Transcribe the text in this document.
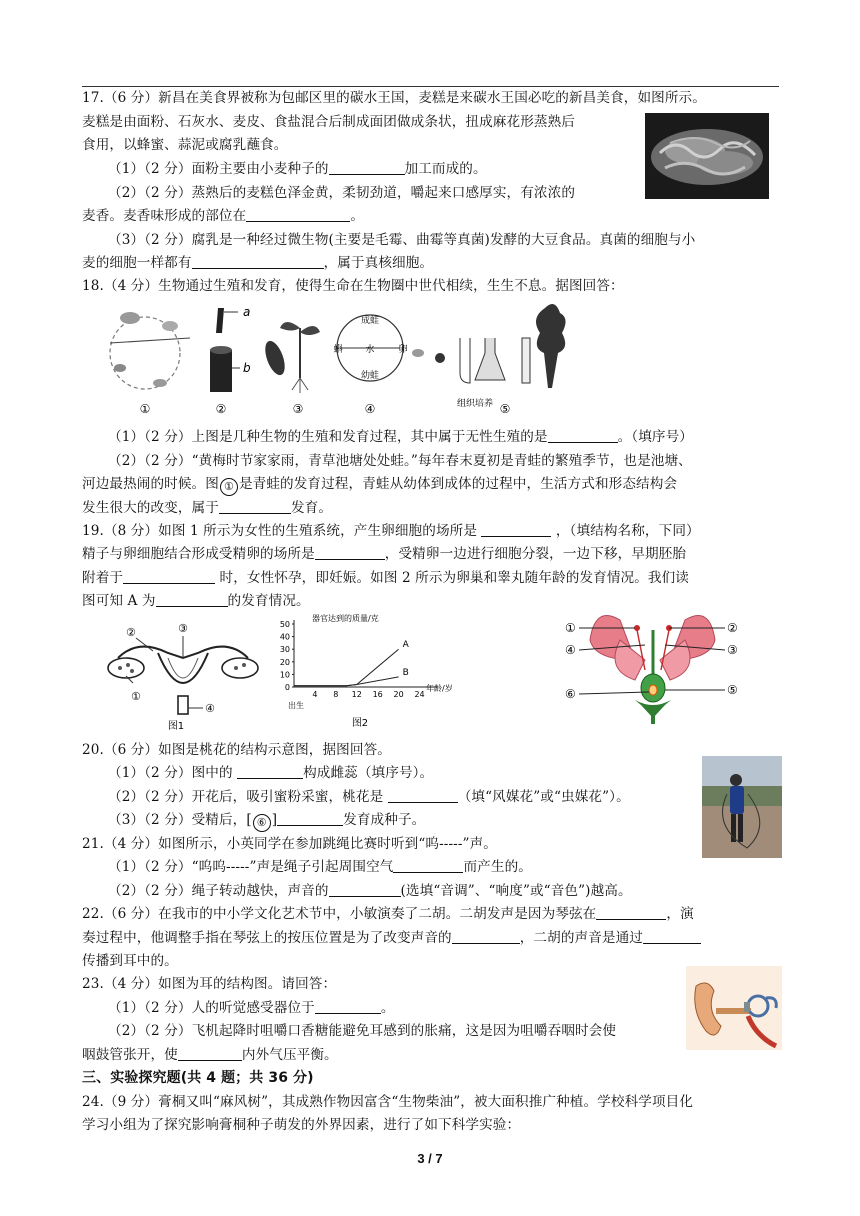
17.（6 分）新昌在美食界被称为包邮区里的碳水王国，麦糕是来碳水王国必吃的新昌美食，如图所示。
麦糕是由面粉、石灰水、麦皮、食盐混合后制成面团做成条状，扭成麻花形蒸熟后
食用，以蜂蜜、蒜泥或腐乳蘸食。
（1）（2 分）面粉主要由小麦种子的	加工而成的。
（2）（2 分）蒸熟后的麦糕色泽金黄，柔韧劲道，嚼起来口感厚实，有浓浓的
麦香。麦香味形成的部位在	。
（3）（2 分）腐乳是一种经过微生物(主要是毛霉、曲霉等真菌)发酵的大豆食品。真菌的细胞与小
麦的细胞一样都有	，属于真核细胞。
18.（4 分）生物通过生殖和发育，使得生命在生物圈中世代相续，生生不息。据图回答：
①
a
b
②	③
成蛙
蝌	水	卵
幼蛙
④	组织培养 ⑤
（1）（2 分）上图是几种生物的生殖和发育过程，其中属于无性生殖的是	。（填序号）
（2）（2 分）“黄梅时节家家雨，青草池塘处处蛙。”每年春末夏初是青蛙的繁殖季节，也是池塘、
河边最热闹的时候。图 ① 是青蛙的发育过程，青蛙从幼体到成体的过程中，生活方式和形态结构会
发生很大的改变，属于	发育。
19.（8 分）如图 1 所示为女性的生殖系统，产生卵细胞的场所是	，（填结构名称，下同）
精子与卵细胞结合形成受精卵的场所是	，受精卵一边进行细胞分裂，一边下移，早期胚胎
附着于	时，女性怀孕，即妊娠。如图 2 所示为卵巢和睾丸随年龄的发育情况。我们读
图可知 A 为	的发育情况。
①
②	③
④
图1
器官达到的质量/克
0
10
20
30
40
50
4 8 12 16 20 24
A
B
年龄/岁
出生
图2
①	②
③
④
⑤
⑥
20.（6 分）如图是桃花的结构示意图，据图回答。
（1）（2 分）图中的	构成雌蕊（填序号）。
（2）（2 分）开花后，吸引蜜粉采蜜，桃花是	（填“风媒花”或“虫媒花”）。
（3）（2 分）受精后，[ ⑥ ]	发育成种子。
21.（4 分）如图所示，小英同学在参加跳绳比赛时听到“呜-----”声。
（1）（2 分）“呜呜-----”声是绳子引起周围空气	而产生的。
（2）（2 分）绳子转动越快，声音的	(选填“音调”、“响度”或“音色”)越高。
22.（6 分）在我市的中小学文化艺术节中，小敏演奏了二胡。二胡发声是因为琴弦在	，演
奏过程中，他调整手指在琴弦上的按压位置是为了改变声音的	，二胡的声音是通过
传播到耳中的。
23.（4 分）如图为耳的结构图。请回答：
（1）（2 分）人的听觉感受器位于	。
（2）（2 分）飞机起降时咀嚼口香糖能避免耳感到的胀痛，这是因为咀嚼吞咽时会使
咽鼓管张开，使	内外气压平衡。
三、实验探究题(共 4 题；共 36 分)
24.（9 分）膏桐又叫“麻风树”，其成熟作物因富含“生物柴油”，被大面积推广种植。学校科学项目化
学习小组为了探究影响膏桐种子萌发的外界因素，进行了如下科学实验：
3 / 7
